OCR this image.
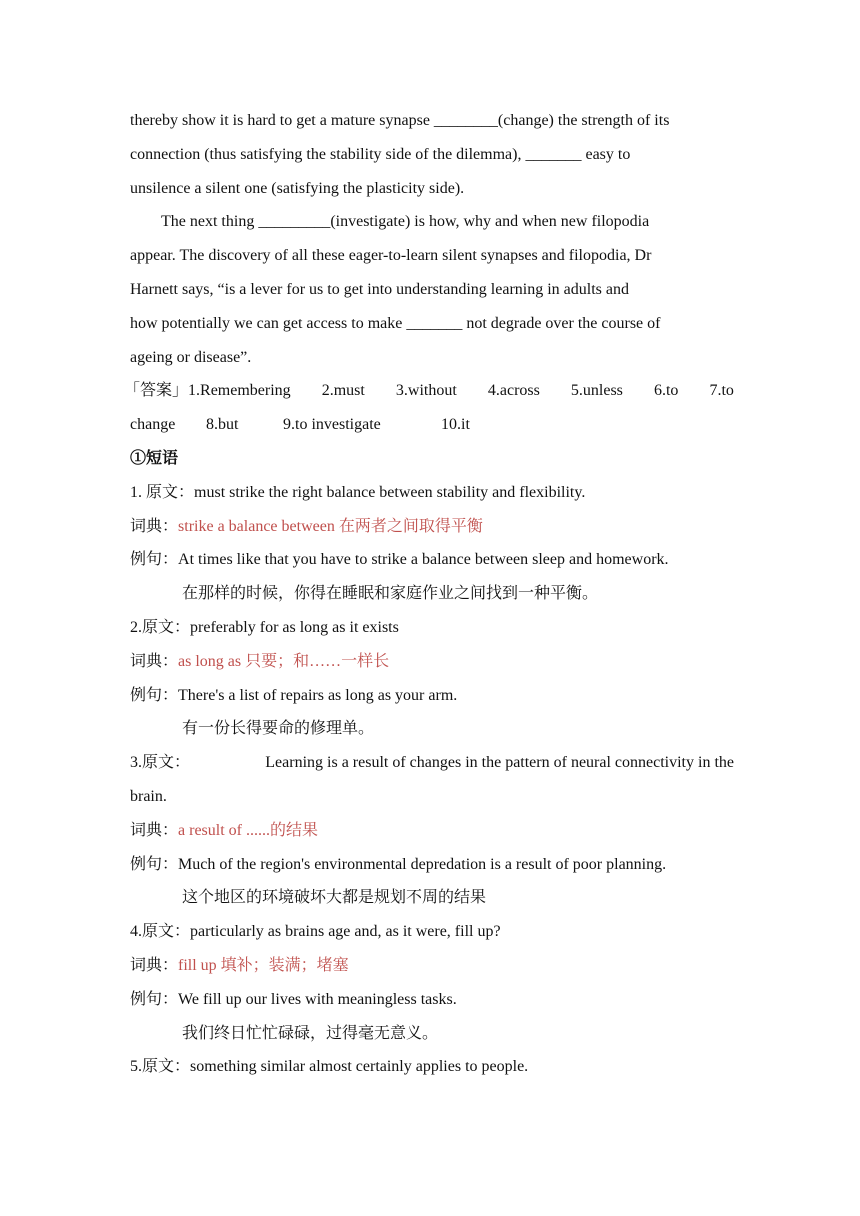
thereby show it is hard to get a mature synapse ________(change) the strength of its
connection (thus satisfying the stability side of the dilemma), _______ easy to
unsilence a silent one (satisfying the plasticity side).
The next thing _________(investigate) is how, why and when new filopodia
appear. The discovery of all these eager-to-learn silent synapses and filopodia, Dr
Harnett says, “is a lever for us to get into understanding learning in adults and
how potentially we can get access to make _______ not degrade over the course of
ageing or disease”.
「答案」1.Remembering 2.must 3.without 4.across 5.unless 6.to 7.to
change 8.but	9.to investigate	10.it
①短语
1. 原文：must strike the right balance between stability and flexibility.
词典：strike a balance between 在两者之间取得平衡
例句：At times like that you have to strike a balance between sleep and homework.
在那样的时候，你得在睡眠和家庭作业之间找到一种平衡。
2.原文：preferably for as long as it exists
词典：as long as 只要；和……一样长
例句：There's a list of repairs as long as your arm.
有一份长得要命的修理单。
3.原文：	Learning is a result of changes in the pattern of neural connectivity in the
brain.
词典：a result of ......的结果
例句：Much of the region's environmental depredation is a result of poor planning.
这个地区的环境破坏大都是规划不周的结果
4.原文：particularly as brains age and, as it were, fill up?
词典：fill up 填补；装满；堵塞
例句：We fill up our lives with meaningless tasks.
我们终日忙忙碌碌，过得毫无意义。
5.原文：something similar almost certainly applies to people.
